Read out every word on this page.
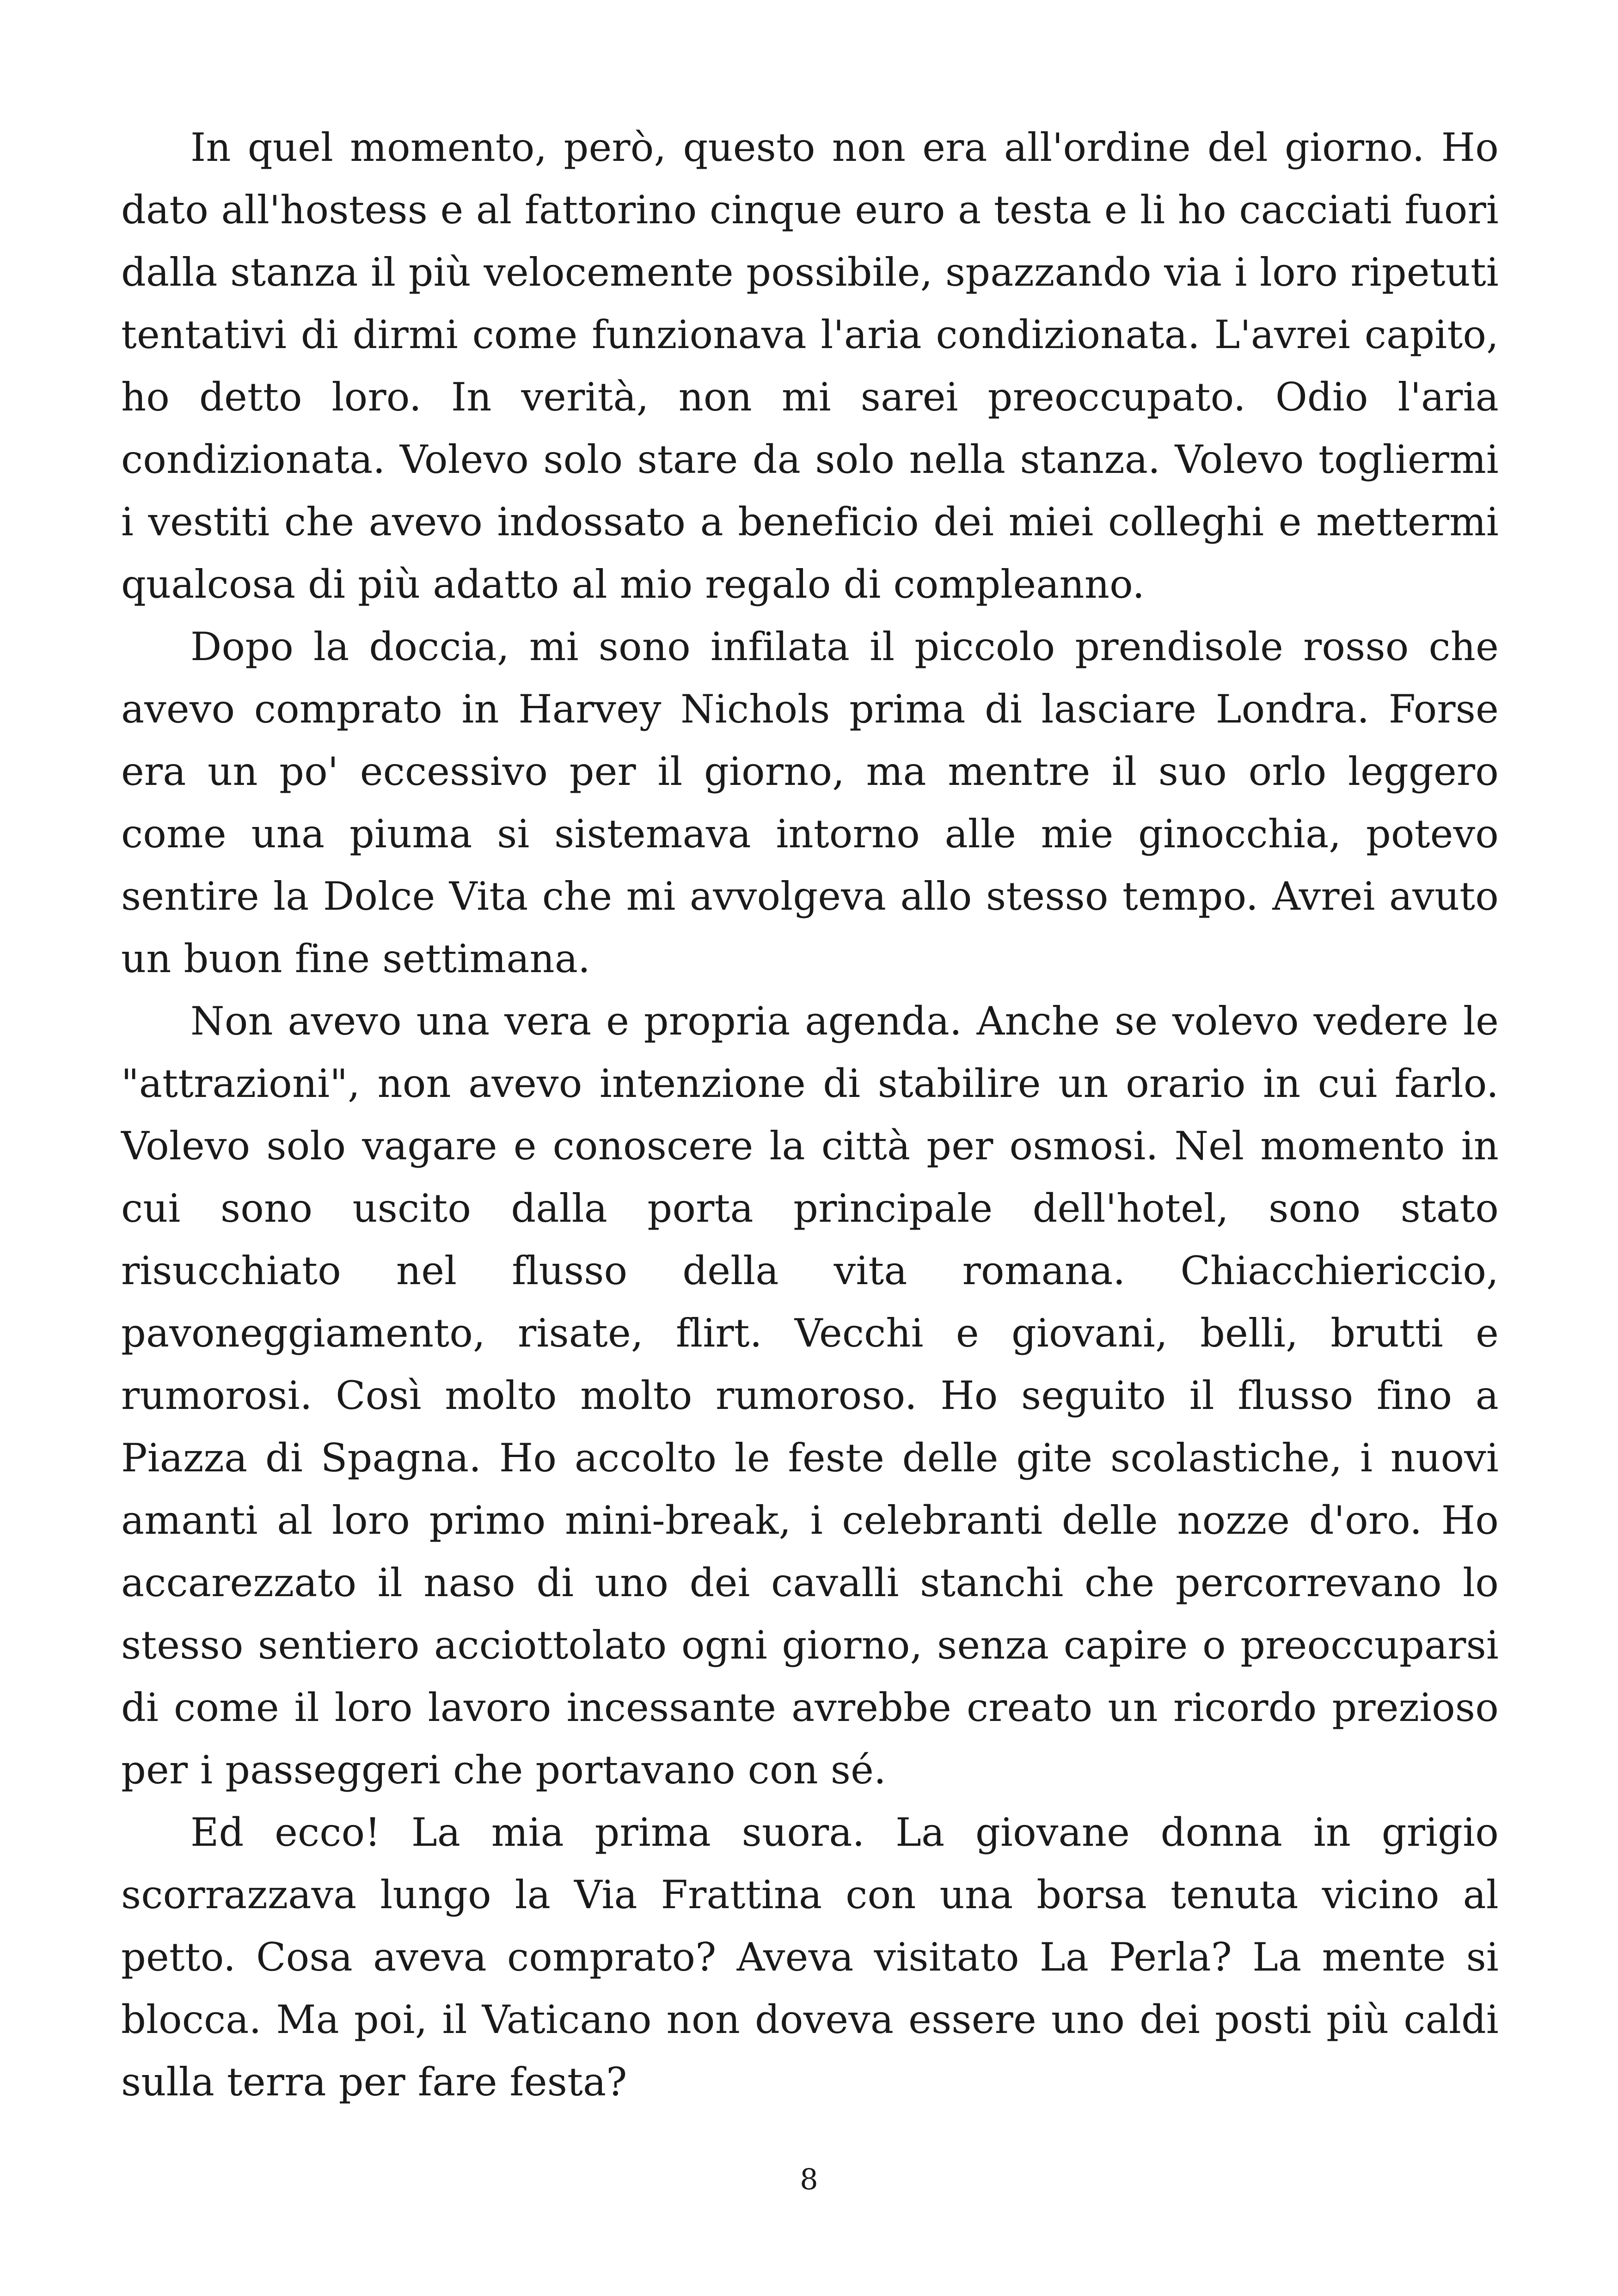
In quel momento, però, questo non era all'ordine del giorno. Ho dato all'hostess e al fattorino cinque euro a testa e li ho cacciati fuori dalla stanza il più velocemente possibile, spazzando via i loro ripetuti tentativi di dirmi come funzionava l'aria condizionata. L'avrei capito, ho detto loro. In verità, non mi sarei preoccupato. Odio l'aria condizionata. Volevo solo stare da solo nella stanza. Volevo togliermi i vestiti che avevo indossato a beneficio dei miei colleghi e mettermi qualcosa di più adatto al mio regalo di compleanno.

Dopo la doccia, mi sono infilata il piccolo prendisole rosso che avevo comprato in Harvey Nichols prima di lasciare Londra. Forse era un po' eccessivo per il giorno, ma mentre il suo orlo leggero come una piuma si sistemava intorno alle mie ginocchia, potevo sentire la Dolce Vita che mi avvolgeva allo stesso tempo. Avrei avuto un buon fine settimana.

Non avevo una vera e propria agenda. Anche se volevo vedere le "attrazioni", non avevo intenzione di stabilire un orario in cui farlo. Volevo solo vagare e conoscere la città per osmosi. Nel momento in cui sono uscito dalla porta principale dell'hotel, sono stato risucchiato nel flusso della vita romana. Chiacchiericcio, pavoneggiamento, risate, flirt. Vecchi e giovani, belli, brutti e rumorosi. Così molto molto rumoroso. Ho seguito il flusso fino a Piazza di Spagna. Ho accolto le feste delle gite scolastiche, i nuovi amanti al loro primo mini-break, i celebranti delle nozze d'oro. Ho accarezzato il naso di uno dei cavalli stanchi che percorrevano lo stesso sentiero acciottolato ogni giorno, senza capire o preoccuparsi di come il loro lavoro incessante avrebbe creato un ricordo prezioso per i passeggeri che portavano con sé.

Ed ecco! La mia prima suora. La giovane donna in grigio scorrazzava lungo la Via Frattina con una borsa tenuta vicino al petto. Cosa aveva comprato? Aveva visitato La Perla? La mente si blocca. Ma poi, il Vaticano non doveva essere uno dei posti più caldi sulla terra per fare festa?

8
